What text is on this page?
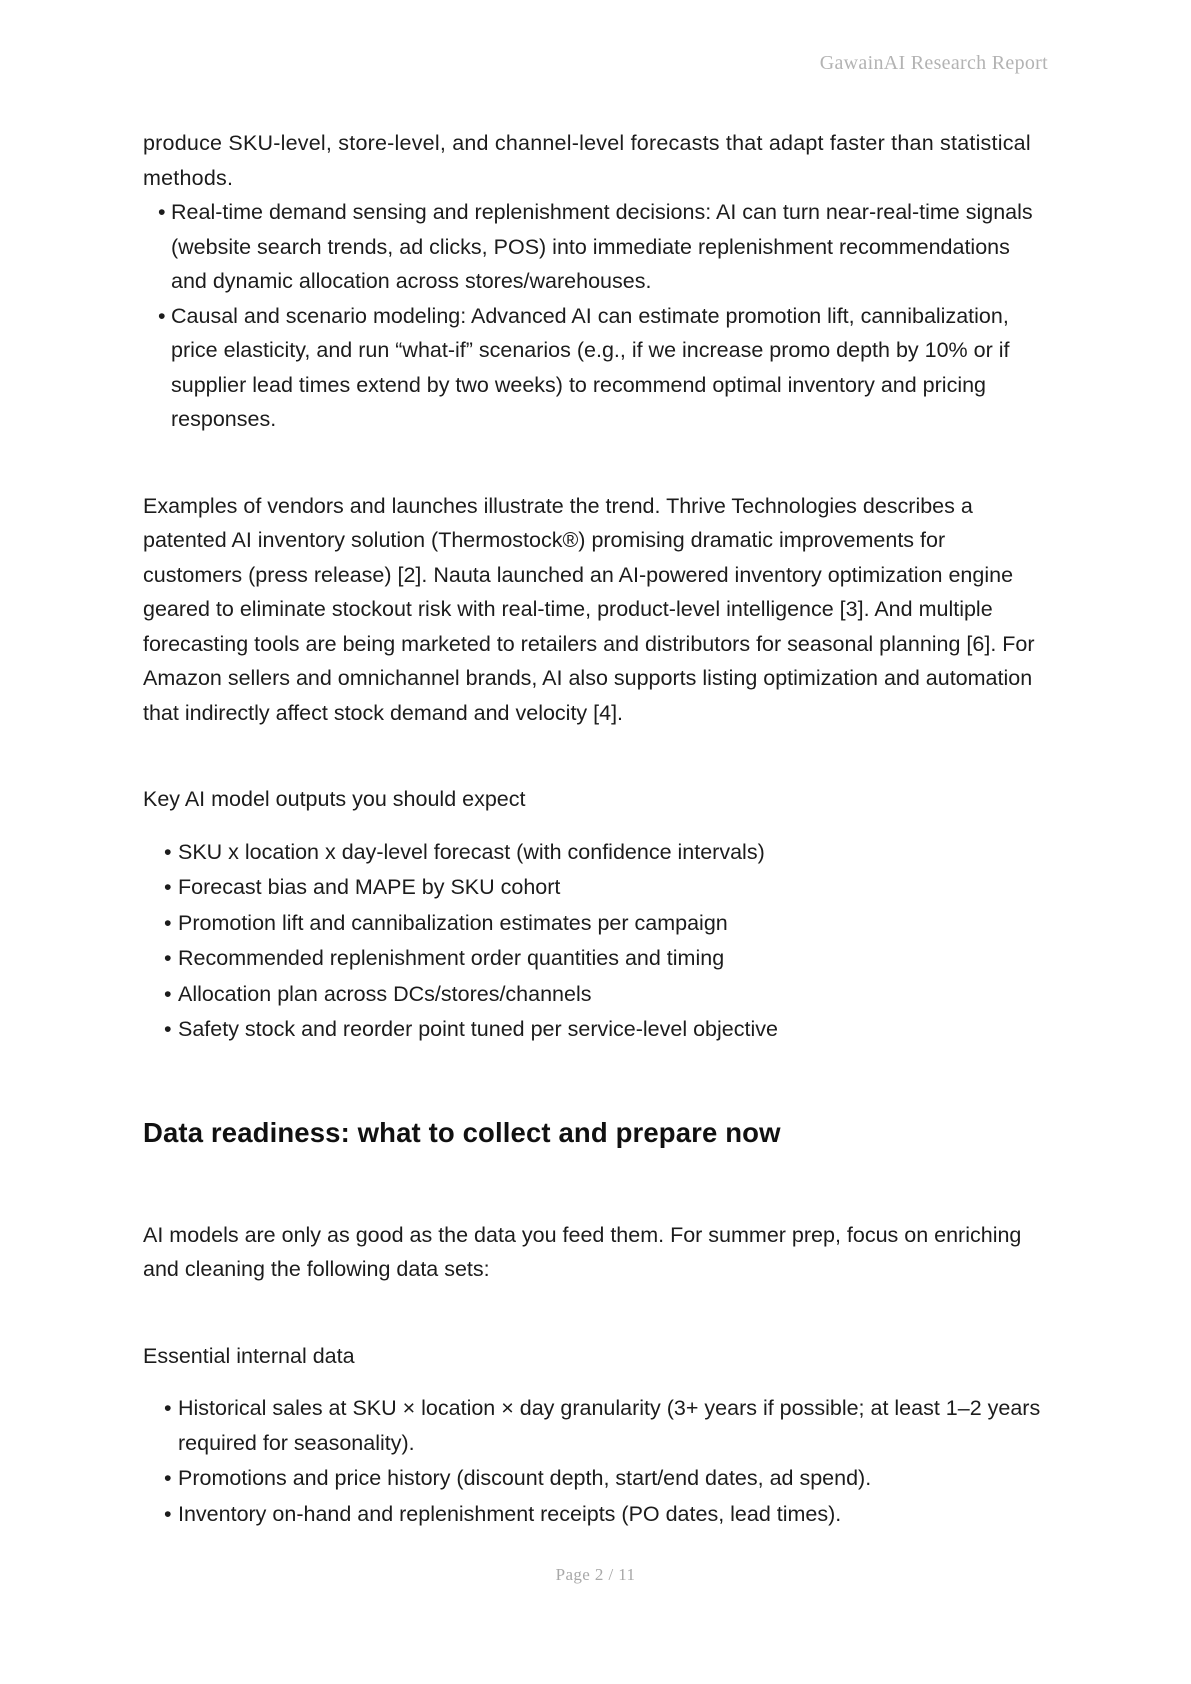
GawainAI Research Report
produce SKU-level, store-level, and channel-level forecasts that adapt faster than statistical methods.
• Real-time demand sensing and replenishment decisions: AI can turn near-real-time signals (website search trends, ad clicks, POS) into immediate replenishment recommendations and dynamic allocation across stores/warehouses.
• Causal and scenario modeling: Advanced AI can estimate promotion lift, cannibalization, price elasticity, and run “what-if” scenarios (e.g., if we increase promo depth by 10% or if supplier lead times extend by two weeks) to recommend optimal inventory and pricing responses.

Examples of vendors and launches illustrate the trend. Thrive Technologies describes a patented AI inventory solution (Thermostock®) promising dramatic improvements for customers (press release) [2]. Nauta launched an AI-powered inventory optimization engine geared to eliminate stockout risk with real-time, product-level intelligence [3]. And multiple forecasting tools are being marketed to retailers and distributors for seasonal planning [6]. For Amazon sellers and omnichannel brands, AI also supports listing optimization and automation that indirectly affect stock demand and velocity [4].

Key AI model outputs you should expect

• SKU x location x day-level forecast (with confidence intervals)
• Forecast bias and MAPE by SKU cohort
• Promotion lift and cannibalization estimates per campaign
• Recommended replenishment order quantities and timing
• Allocation plan across DCs/stores/channels
• Safety stock and reorder point tuned per service-level objective
Data readiness: what to collect and prepare now

AI models are only as good as the data you feed them. For summer prep, focus on enriching and cleaning the following data sets:

Essential internal data

• Historical sales at SKU × location × day granularity (3+ years if possible; at least 1–2 years required for seasonality).
• Promotions and price history (discount depth, start/end dates, ad spend).
• Inventory on-hand and replenishment receipts (PO dates, lead times).
Page 2 / 11
